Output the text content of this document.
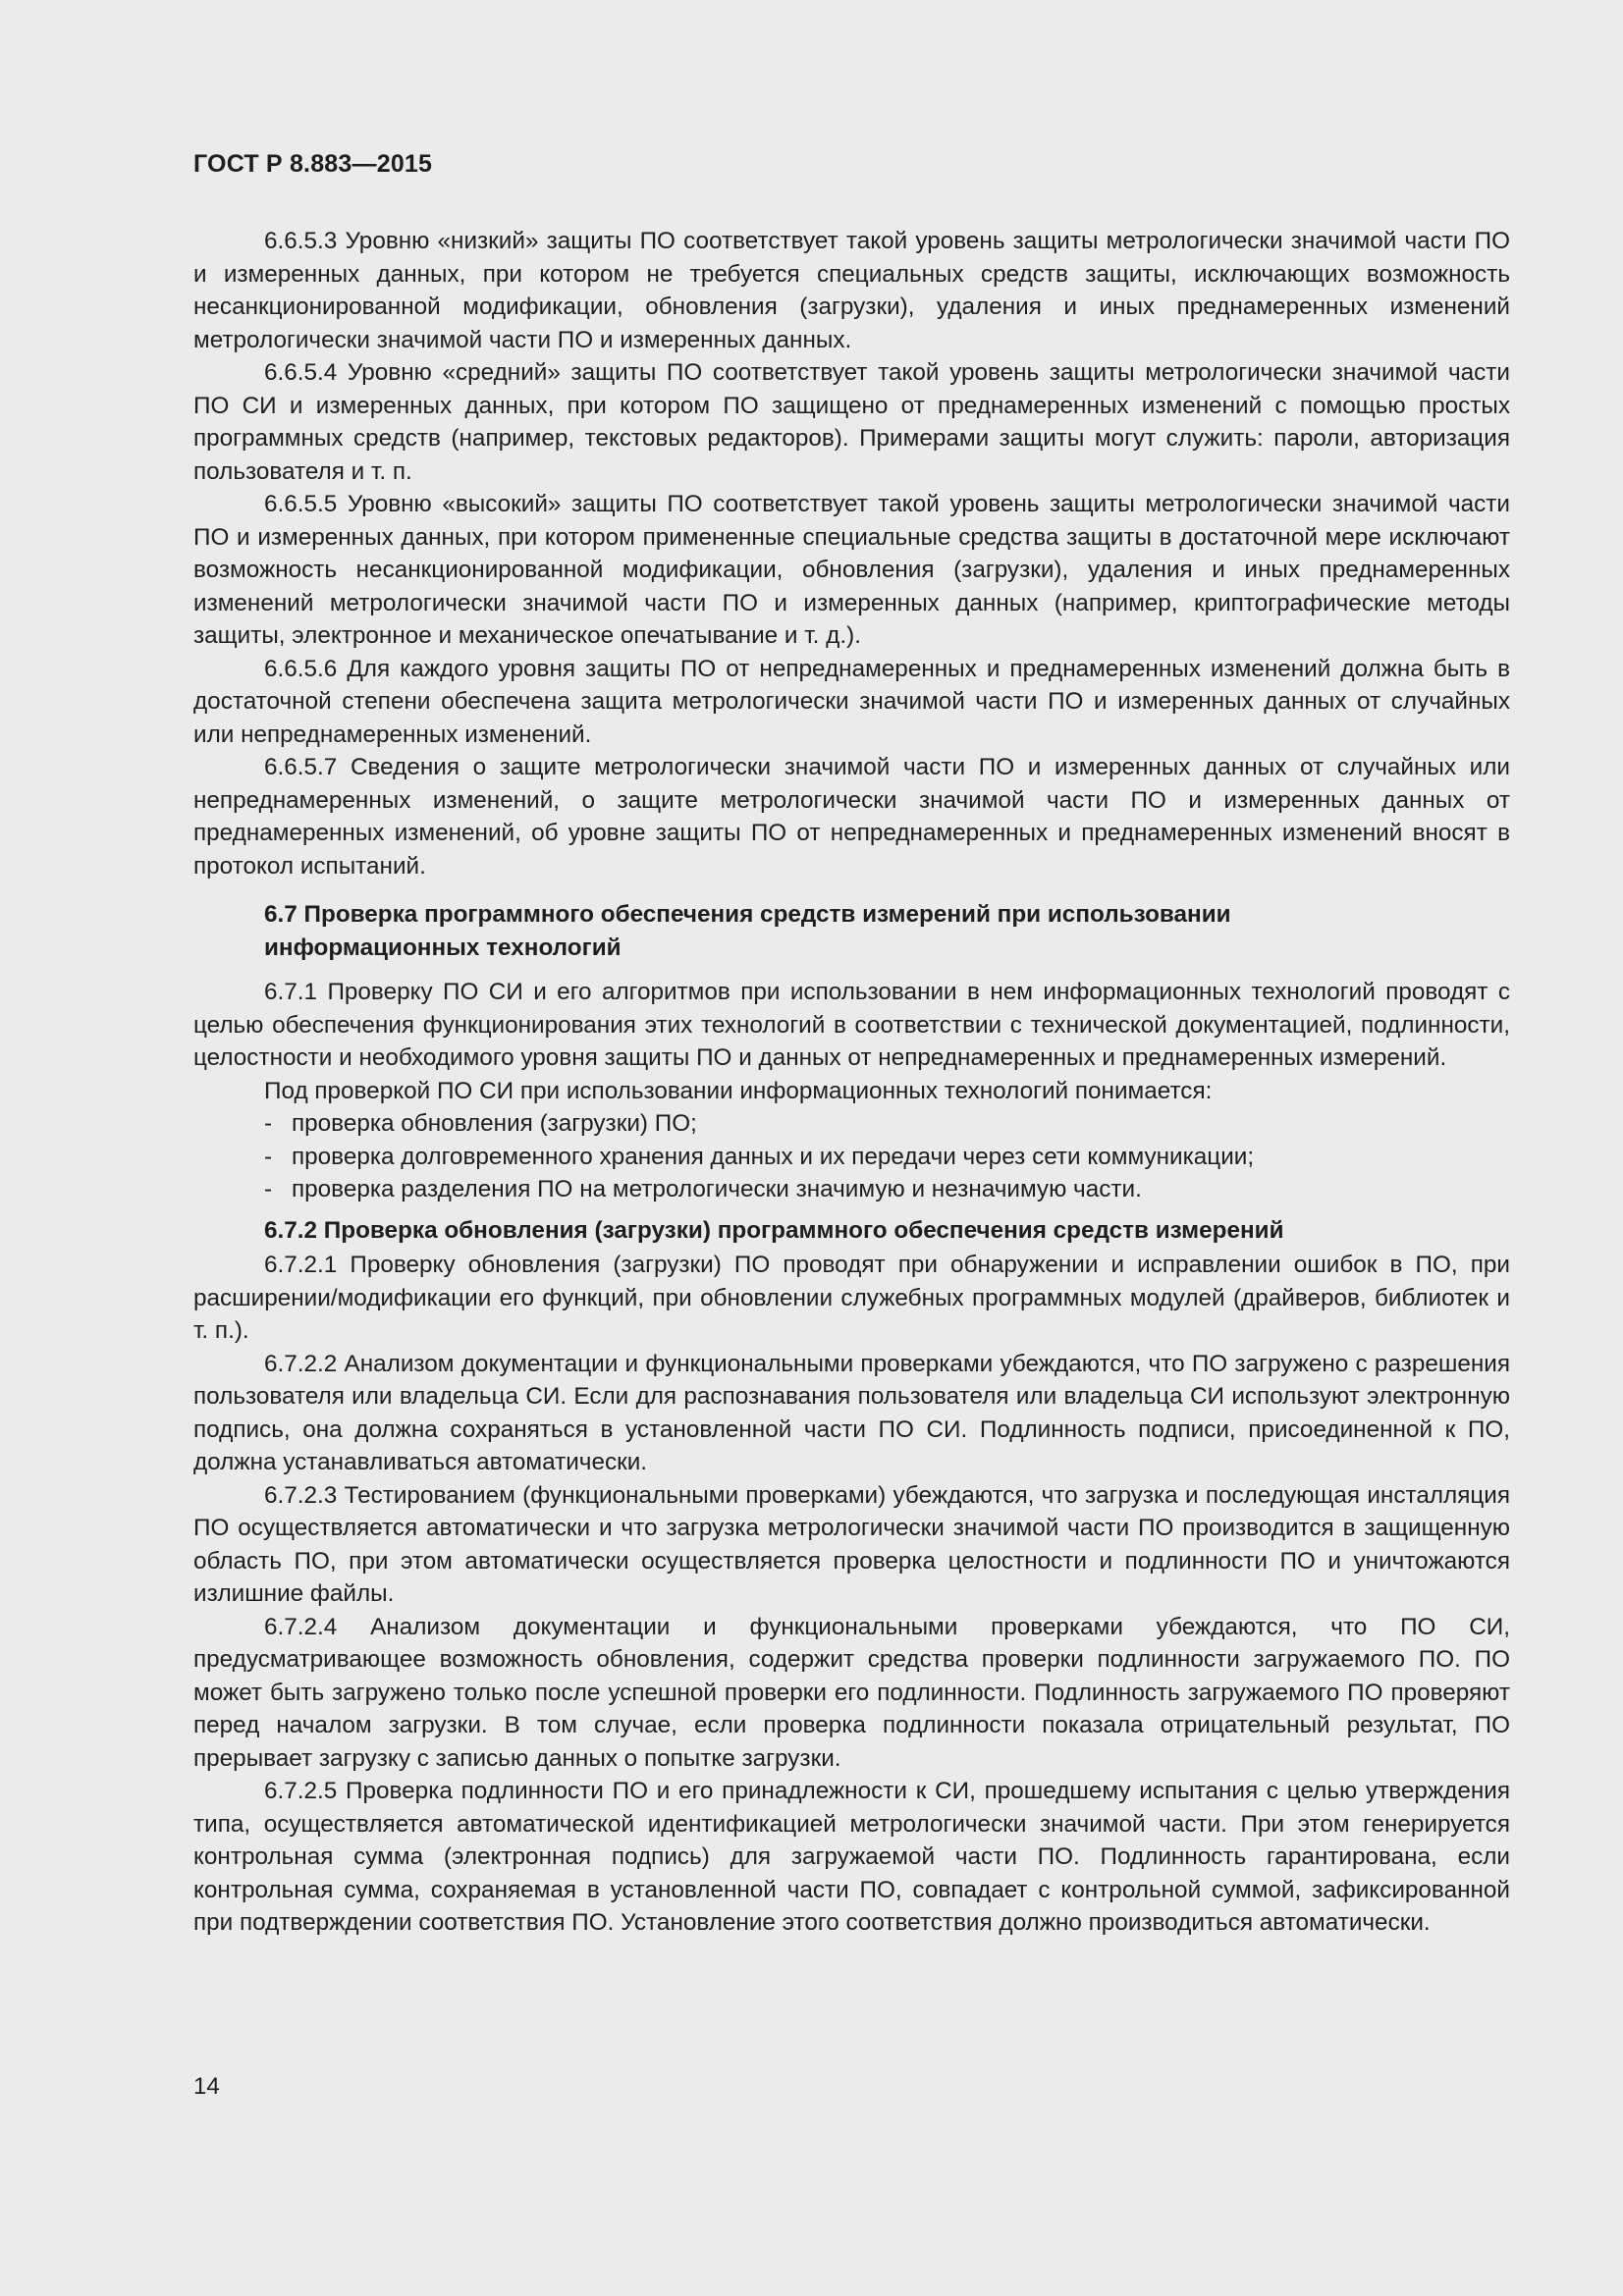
ГОСТ Р 8.883—2015

6.6.5.3 Уровню «низкий» защиты ПО соответствует такой уровень защиты метрологически значимой части ПО и измеренных данных, при котором не требуется специальных средств защиты, исключающих возможность несанкционированной модификации, обновления (загрузки), удаления и иных преднамеренных изменений метрологически значимой части ПО и измеренных данных.

6.6.5.4 Уровню «средний» защиты ПО соответствует такой уровень защиты метрологически значимой части ПО СИ и измеренных данных, при котором ПО защищено от преднамеренных изменений с помощью простых программных средств (например, текстовых редакторов). Примерами защиты могут служить: пароли, авторизация пользователя и т. п.

6.6.5.5 Уровню «высокий» защиты ПО соответствует такой уровень защиты метрологически значимой части ПО и измеренных данных, при котором примененные специальные средства защиты в достаточной мере исключают возможность несанкционированной модификации, обновления (загрузки), удаления и иных преднамеренных изменений метрологически значимой части ПО и измеренных данных (например, криптографические методы защиты, электронное и механическое опечатывание и т. д.).

6.6.5.6 Для каждого уровня защиты ПО от непреднамеренных и преднамеренных изменений должна быть в достаточной степени обеспечена защита метрологически значимой части ПО и измеренных данных от случайных или непреднамеренных изменений.

6.6.5.7 Сведения о защите метрологически значимой части ПО и измеренных данных от случайных или непреднамеренных изменений, о защите метрологически значимой части ПО и измеренных данных от преднамеренных изменений, об уровне защиты ПО от непреднамеренных и преднамеренных изменений вносят в протокол испытаний.

6.7 Проверка программного обеспечения средств измерений при использовании
информационных технологий

6.7.1 Проверку ПО СИ и его алгоритмов при использовании в нем информационных технологий проводят с целью обеспечения функционирования этих технологий в соответствии с технической документацией, подлинности, целостности и необходимого уровня защиты ПО и данных от непреднамеренных и преднамеренных измерений.

Под проверкой ПО СИ при использовании информационных технологий понимается:

- проверка обновления (загрузки) ПО;
- проверка долговременного хранения данных и их передачи через сети коммуникации;
- проверка разделения ПО на метрологически значимую и незначимую части.
6.7.2 Проверка обновления (загрузки) программного обеспечения средств измерений

6.7.2.1 Проверку обновления (загрузки) ПО проводят при обнаружении и исправлении ошибок в ПО, при расширении/модификации его функций, при обновлении служебных программных модулей (драйверов, библиотек и т. п.).

6.7.2.2 Анализом документации и функциональными проверками убеждаются, что ПО загружено с разрешения пользователя или владельца СИ. Если для распознавания пользователя или владельца СИ используют электронную подпись, она должна сохраняться в установленной части ПО СИ. Подлинность подписи, присоединенной к ПО, должна устанавливаться автоматически.

6.7.2.3 Тестированием (функциональными проверками) убеждаются, что загрузка и последующая инсталляция ПО осуществляется автоматически и что загрузка метрологически значимой части ПО производится в защищенную область ПО, при этом автоматически осуществляется проверка целостности и подлинности ПО и уничтожаются излишние файлы.

6.7.2.4 Анализом документации и функциональными проверками убеждаются, что ПО СИ, предусматривающее возможность обновления, содержит средства проверки подлинности загружаемого ПО. ПО может быть загружено только после успешной проверки его подлинности. Подлинность загружаемого ПО проверяют перед началом загрузки. В том случае, если проверка подлинности показала отрицательный результат, ПО прерывает загрузку с записью данных о попытке загрузки.

6.7.2.5 Проверка подлинности ПО и его принадлежности к СИ, прошедшему испытания с целью утверждения типа, осуществляется автоматической идентификацией метрологически значимой части. При этом генерируется контрольная сумма (электронная подпись) для загружаемой части ПО. Подлинность гарантирована, если контрольная сумма, сохраняемая в установленной части ПО, совпадает с контрольной суммой, зафиксированной при подтверждении соответствия ПО. Установление этого соответствия должно производиться автоматически.

14
